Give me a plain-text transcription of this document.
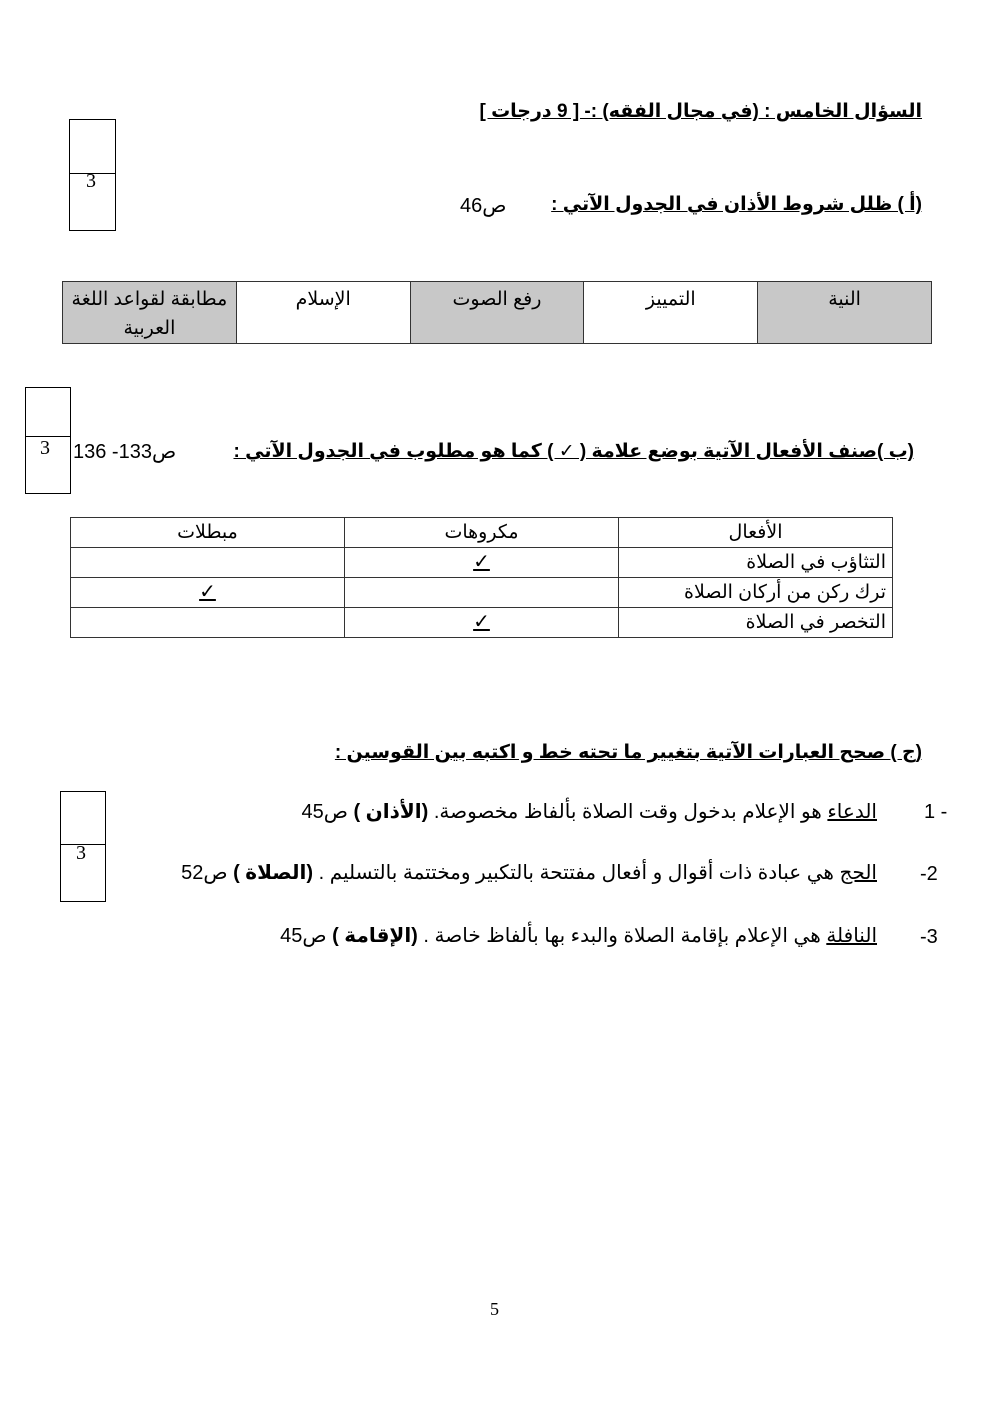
السؤال الخامس : (في مجال الفقه) :- [ 9 درجات ]
3
(أ ) ظلل شروط الأذان في الجدول الآتي :
ص46
النية	التمييز	رفع الصوت	الإسلام	مطابقة لقواعد اللغة العربية
3	(ب )صنف الأفعال الآتية بوضع علامة ( ✓ ) كما هو مطلوب في الجدول الآتي :
ص133- 136
الأفعال	مكروهات	مبطلات
التثاؤب في الصلاة	✓	
ترك ركن من أركان الصلاة		✓
التخصر في الصلاة	✓	
(ج ) صحح العبارات الآتية بتغيير ما تحته خط و اكتبه بين القوسين :
3
1 -
الدعاء هو الإعلام بدخول وقت الصلاة بألفاظ مخصوصة. (الأذان ) ص45
-2
الحج هي عبادة ذات أقوال و أفعال مفتتحة بالتكبير ومختتمة بالتسليم . (الصلاة ) ص52
-3
النافلة هي الإعلام بإقامة الصلاة والبدء بها بألفاظ خاصة . (الإقامة ) ص45
5
